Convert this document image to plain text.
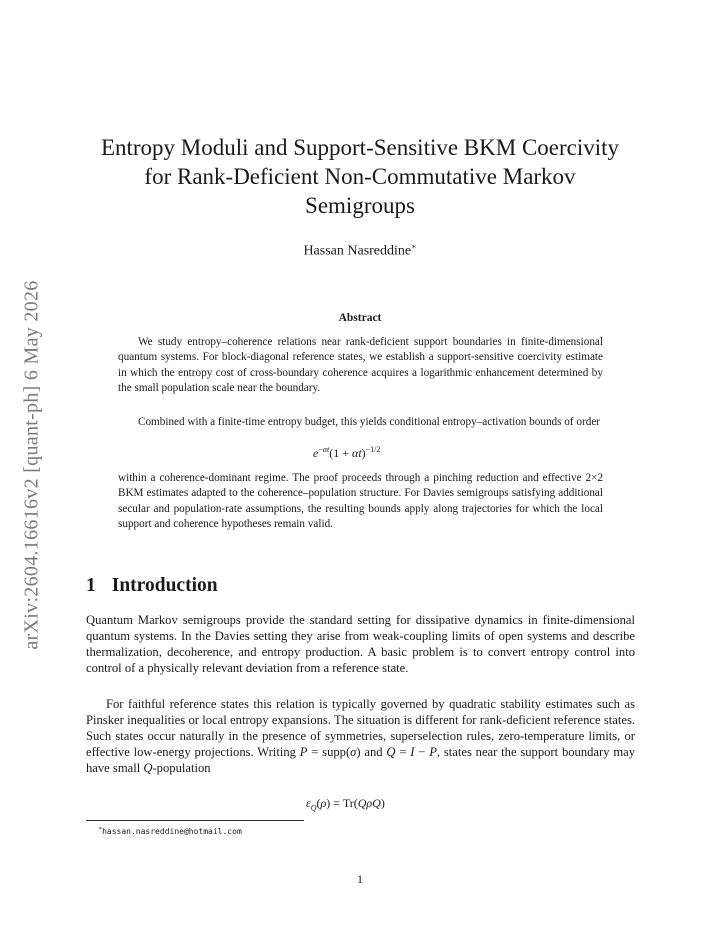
arXiv:2604.16616v2 [quant-ph] 6 May 2026
Entropy Moduli and Support-Sensitive BKM Coercivity
for Rank-Deficient Non-Commutative Markov
Semigroups
Hassan Nasreddine∗
Abstract

We study entropy–coherence relations near rank-deficient support boundaries in finite-dimensional quantum systems. For block-diagonal reference states, we establish a support-sensitive coercivity estimate in which the entropy cost of cross-boundary coherence acquires a logarithmic enhancement determined by the small population scale near the boundary.

Combined with a finite-time entropy budget, this yields conditional entropy–activation bounds of order

$e^{-\alpha t}(1 + \alpha t)^{-1/2}$

within a coherence-dominant regime. The proof proceeds through a pinching reduction and effective 2×2 BKM estimates adapted to the coherence–population structure. For Davies semigroups satisfying additional secular and population-rate assumptions, the resulting bounds apply along trajectories for which the local support and coherence hypotheses remain valid.

1 Introduction

Quantum Markov semigroups provide the standard setting for dissipative dynamics in finite-dimensional quantum systems. In the Davies setting they arise from weak-coupling limits of open systems and describe thermalization, decoherence, and entropy production. A basic problem is to convert entropy control into control of a physically relevant deviation from a reference state.

For faithful reference states this relation is typically governed by quadratic stability estimates such as Pinsker inequalities or local entropy expansions. The situation is different for rank-deficient reference states. Such states occur naturally in the presence of symmetries, superselection rules, zero-temperature limits, or effective low-energy projections. Writing P = supp(σ) and Q = I − P, states near the support boundary may have small Q-population

$\varepsilon_Q(\rho) = Tr(Q\rho Q)$
∗hassan.nasreddine@hotmail.com
1
